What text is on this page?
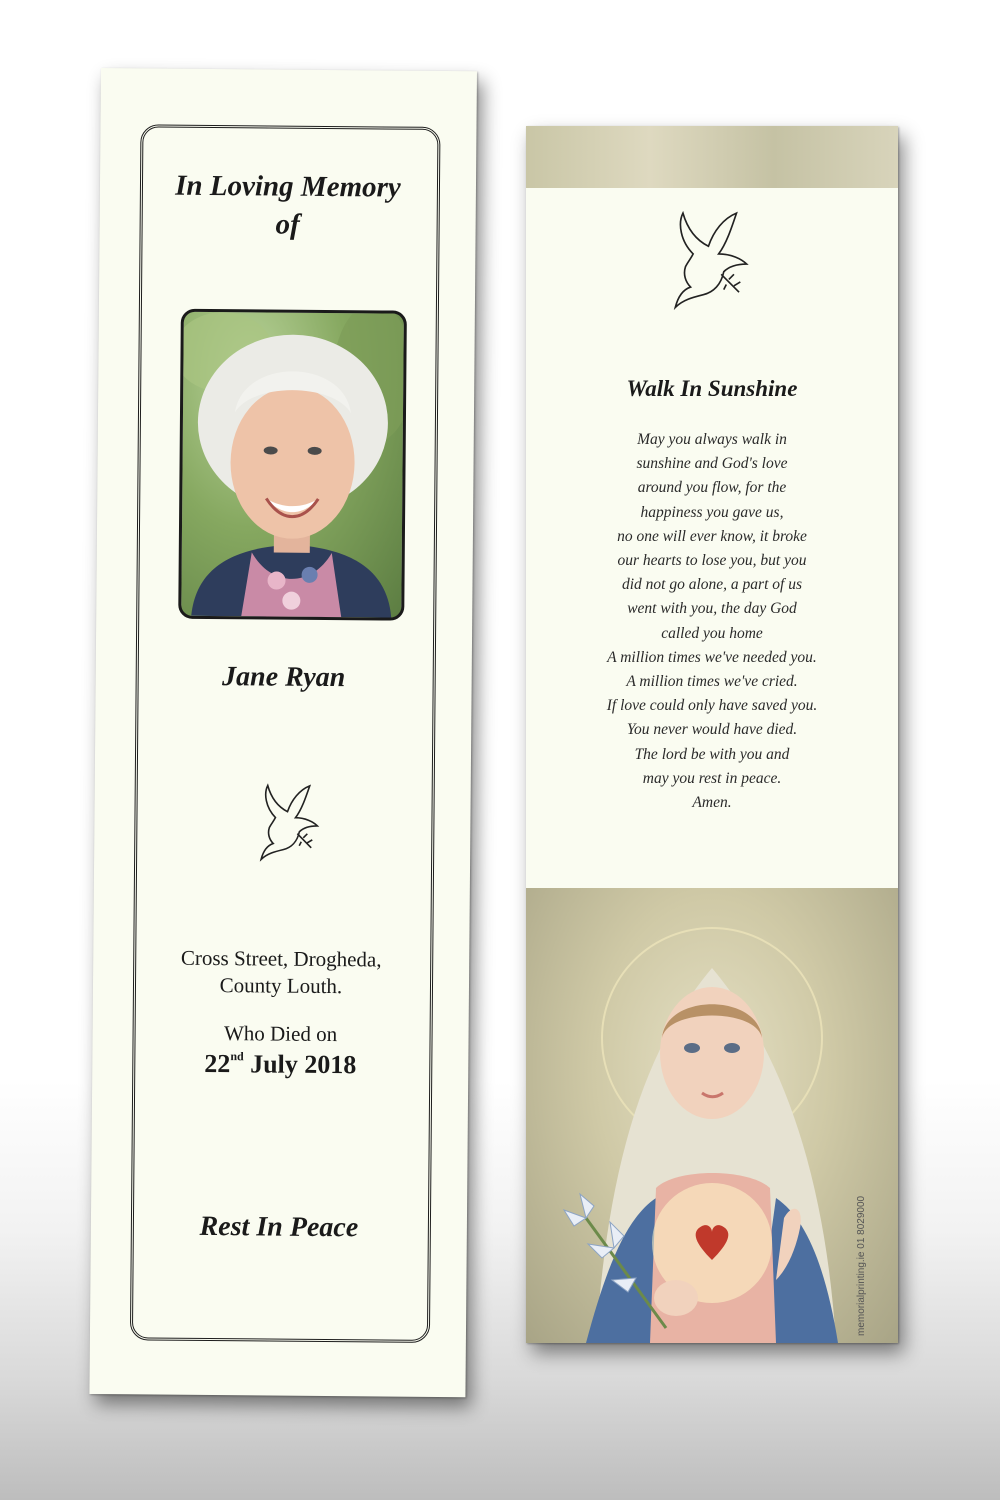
In Loving Memory
of
Jane Ryan
Cross Street, Drogheda,
County Louth.
Who Died on
22nd July 2018
Rest In Peace
Walk In Sunshine
May you always walk in
sunshine and God's love
around you flow, for the
happiness you gave us,
no one will ever know, it broke
our hearts to lose you, but you
did not go alone, a part of us
went with you, the day God
called you home
A million times we've needed you.
A million times we've cried.
If love could only have saved you.
You never would have died.
The lord be with you and
may you rest in peace.
Amen.
memorialprinting.ie 01 8029000
